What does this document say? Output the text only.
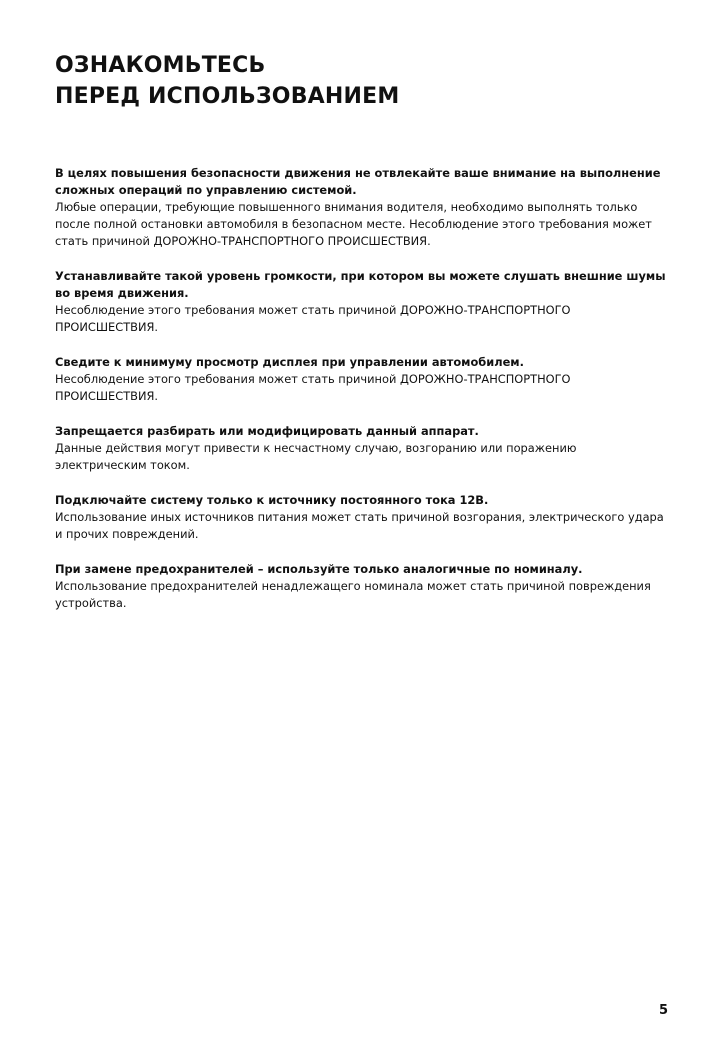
ОЗНАКОМЬТЕСЬ
ПЕРЕД ИСПОЛЬЗОВАНИЕМ

В целях повышения безопасности движения не отвлекайте ваше внимание на выполнение сложных операций по управлению системой.

Любые операции, требующие повышенного внимания водителя, необходимо выполнять только после полной остановки автомобиля в безопасном месте. Несоблюдение этого требования может стать причиной ДОРОЖНО-ТРАНСПОРТНОГО ПРОИСШЕСТВИЯ.

Устанавливайте такой уровень громкости, при котором вы можете слушать внешние шумы во время движения.

Несоблюдение этого требования может стать причиной ДОРОЖНО-ТРАНСПОРТНОГО ПРОИСШЕСТВИЯ.

Сведите к минимуму просмотр дисплея при управлении автомобилем.

Несоблюдение этого требования может стать причиной ДОРОЖНО-ТРАНСПОРТНОГО ПРОИСШЕСТВИЯ.

Запрещается разбирать или модифицировать данный аппарат.

Данные действия могут привести к несчастному случаю, возгоранию или поражению электрическим током.

Подключайте систему только к источнику постоянного тока 12В.

Использование иных источников питания может стать причиной возгорания, электрического удара и прочих повреждений.

При замене предохранителей – используйте только аналогичные по номиналу.

Использование предохранителей ненадлежащего номинала может стать причиной повреждения устройства.

5
